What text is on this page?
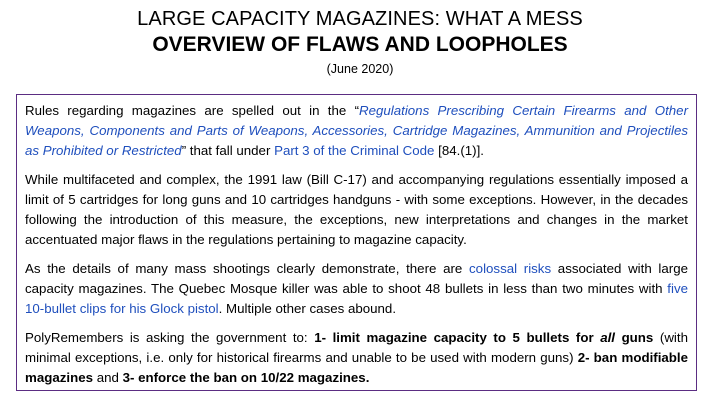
LARGE CAPACITY MAGAZINES: WHAT A MESS
OVERVIEW OF FLAWS AND LOOPHOLES
(June 2020)

Rules regarding magazines are spelled out in the “Regulations Prescribing Certain Firearms and Other Weapons, Components and Parts of Weapons, Accessories, Cartridge Magazines, Ammunition and Projectiles as Prohibited or Restricted” that fall under Part 3 of the Criminal Code [84.(1)].

While multifaceted and complex, the 1991 law (Bill C-17) and accompanying regulations essentially imposed a limit of 5 cartridges for long guns and 10 cartridges handguns - with some exceptions. However, in the decades following the introduction of this measure, the exceptions, new interpretations and changes in the market accentuated major flaws in the regulations pertaining to magazine capacity.

As the details of many mass shootings clearly demonstrate, there are colossal risks associated with large capacity magazines. The Quebec Mosque killer was able to shoot 48 bullets in less than two minutes with five 10-bullet clips for his Glock pistol. Multiple other cases abound.

PolyRemembers is asking the government to: 1- limit magazine capacity to 5 bullets for all guns (with minimal exceptions, i.e. only for historical firearms and unable to be used with modern guns) 2- ban modifiable magazines and 3- enforce the ban on 10/22 magazines.
